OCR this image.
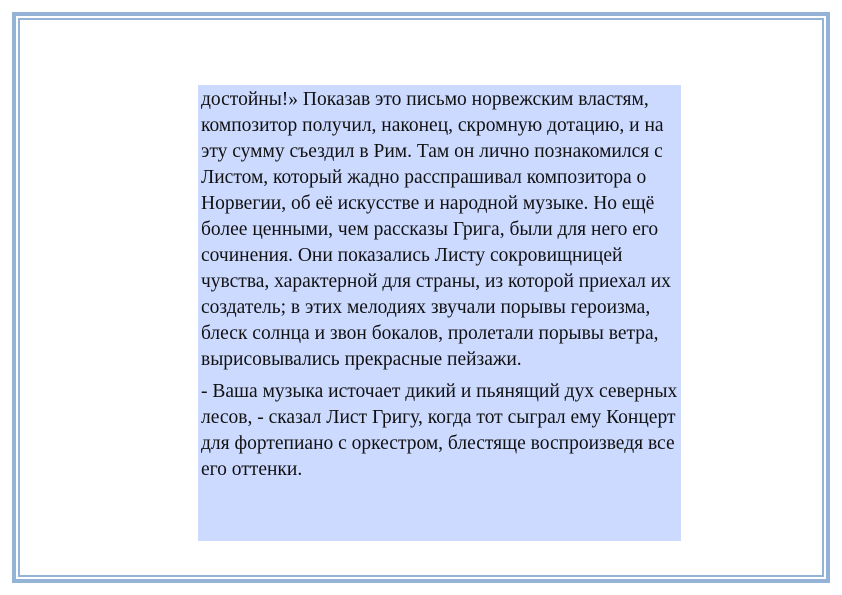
достойны!» Показав это письмо норвежским властям, композитор получил, наконец, скромную дотацию, и на эту сумму съездил в Рим. Там он лично познакомился с Листом, который жадно расспрашивал композитора о Норвегии, об её искусстве и народной музыке. Но ещё более ценными, чем рассказы Грига, были для него его сочинения. Они показались Листу сокровищницей чувства, характерной для страны, из которой приехал их создатель; в этих мелодиях звучали порывы героизма, блеск солнца и звон бокалов, пролетали порывы ветра, вырисовывались прекрасные пейзажи.

- Ваша музыка источает дикий и пьянящий дух северных лесов, - сказал Лист Григу, когда тот сыграл ему Концерт для фортепиано с оркестром, блестяще воспроизведя все его оттенки.
